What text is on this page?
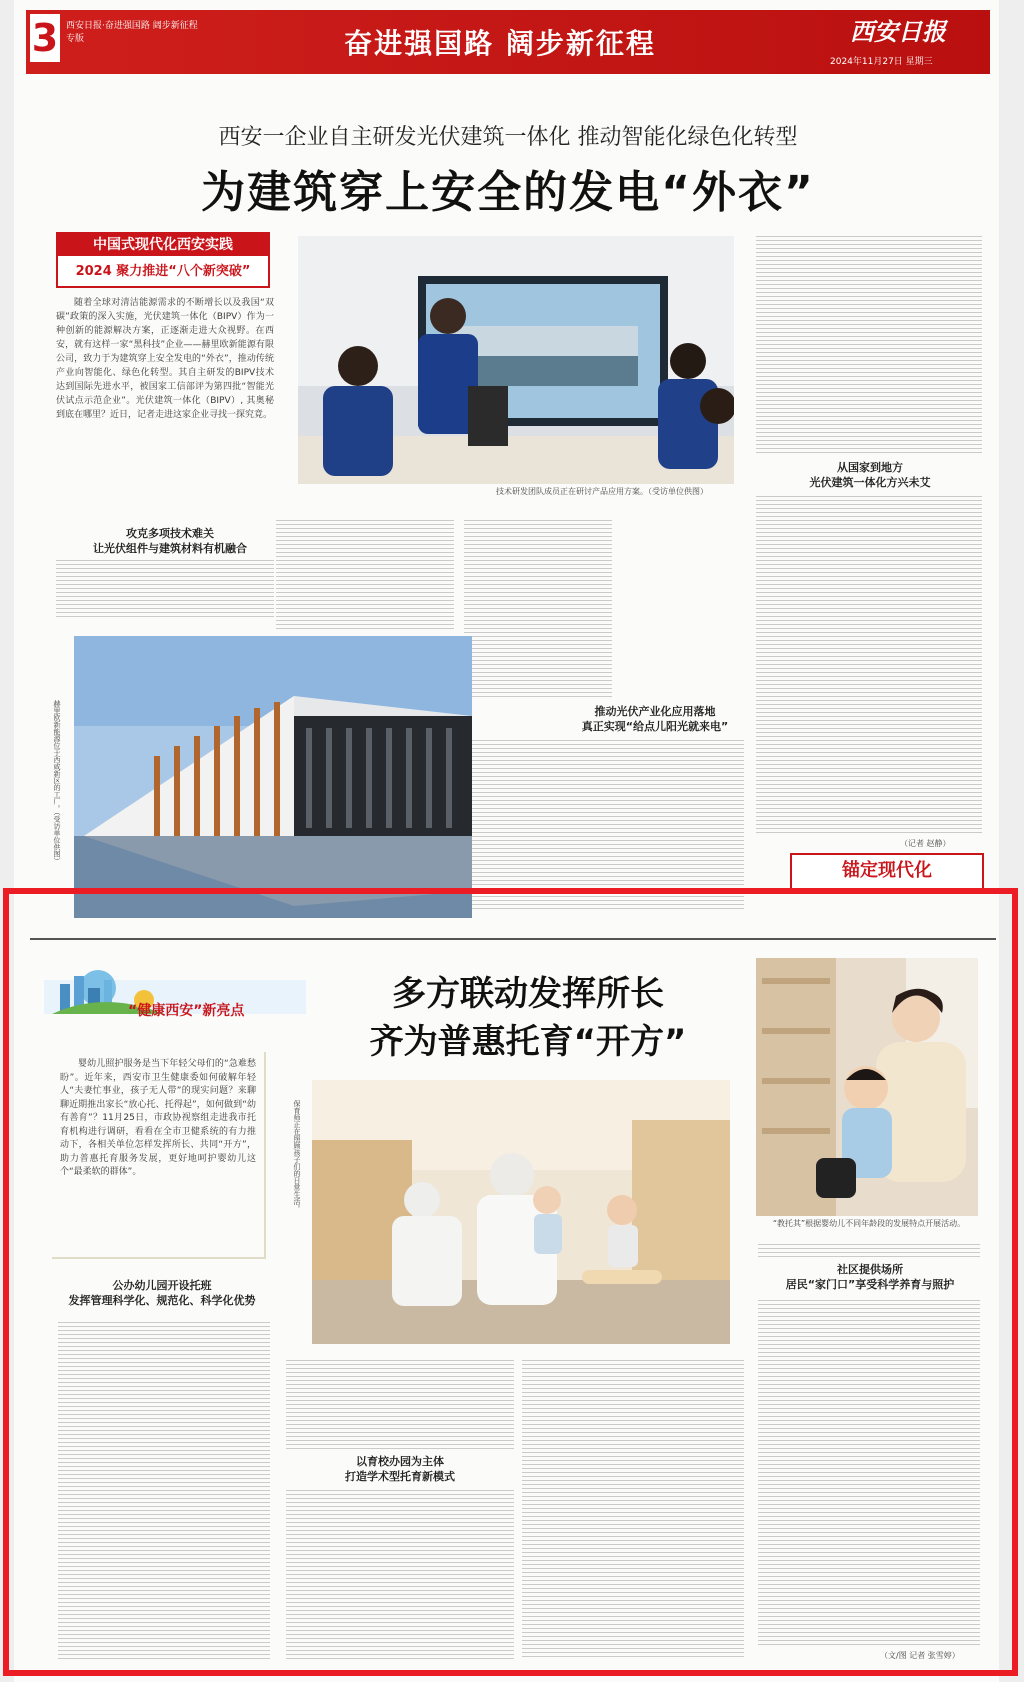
3 西安日报·奋进强国路 阔步新征程 专版	奋进强国路 阔步新征程	西安日报
2024年11月27日 星期三
西安一企业自主研发光伏建筑一体化 推动智能化绿色化转型
为建筑穿上安全的发电“外衣”
中国式现代化西安实践
2024 聚力推进“八个新突破”
随着全球对清洁能源需求的不断增长以及我国“双碳”政策的深入实施，光伏建筑一体化（BIPV）作为一种创新的能源解决方案，正逐渐走进大众视野。在西安，就有这样一家“黑科技”企业——赫里欧新能源有限公司，致力于为建筑穿上安全发电的“外衣”，推动传统产业向智能化、绿色化转型。其自主研发的BIPV技术达到国际先进水平，被国家工信部评为第四批“智能光伏试点示范企业”。光伏建筑一体化（BIPV）, 其奥秘到底在哪里？近日，记者走进这家企业寻找一探究竟。
技术研发团队成员正在研讨产品应用方案。（受访单位供图）
攻克多项技术难关
让光伏组件与建筑材料有机融合
推动光伏产业化应用落地
真正实现“给点儿阳光就来电”
从国家到地方
光伏建筑一体化方兴未艾
（记者 赵静）
赫里欧新能源位于西咸新区的工厂。（受访单位供图）
锚定现代化
“健康西安”新亮点	多方联动发挥所长
齐为普惠托育“开方”
婴幼儿照护服务是当下年轻父母们的“急难愁盼”。近年来，西安市卫生健康委如何破解年轻人“夫妻忙事业，孩子无人带”的现实问题？来聊聊近期推出家长“放心托、托得起”，如何做到“幼有善育”？11月25日，市政协视察组走进我市托育机构进行调研，看看在全市卫健系统的有力推动下，各相关单位怎样发挥所长、共同“开方”，助力普惠托育服务发展，更好地呵护婴幼儿这个“最柔软的群体”。
公办幼儿园开设托班
发挥管理科学化、规范化、科学化优势
保育师正在照顾孩子们的日常生活。
“教托其”根据婴幼儿不同年龄段的发展特点开展活动。
以育校办园为主体
打造学术型托育新模式
社区提供场所
居民“家门口”享受科学养育与照护
（文/图 记者 张雪婷）
